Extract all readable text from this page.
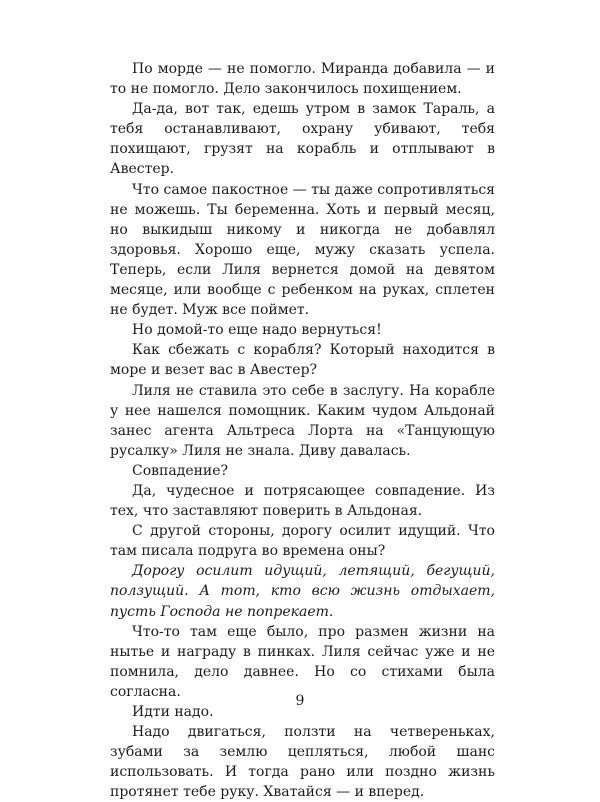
По морде — не помогло. Миранда добавила — и то не помогло. Дело закончилось похищением.

Да-да, вот так, едешь утром в замок Тараль, а тебя останавливают, охрану убивают, тебя похищают, грузят на корабль и отплывают в Авестер.

Что самое пакостное — ты даже сопротивляться не можешь. Ты беременна. Хоть и первый месяц, но выкидыш никому и никогда не добавлял здоровья. Хорошо еще, мужу сказать успела. Теперь, если Лиля вернется домой на девятом месяце, или вообще с ребенком на руках, сплетен не будет. Муж все поймет.

Но домой-то еще надо вернуться!

Как сбежать с корабля? Который находится в море и везет вас в Авестер?

Лиля не ставила это себе в заслугу. На корабле у нее нашелся помощник. Каким чудом Альдонай занес агента Альтреса Лорта на «Танцующую русалку» Лиля не знала. Диву давалась.

Совпадение?

Да, чудесное и потрясающее совпадение. Из тех, что заставляют поверить в Альдоная.

С другой стороны, дорогу осилит идущий. Что там писала подруга во времена оны?

Дорогу осилит идущий, летящий, бегущий, ползущий. А тот, кто всю жизнь отдыхает, пусть Господа не попрекает.

Что-то там еще было, про размен жизни на нытье и награду в пинках. Лиля сейчас уже и не помнила, дело давнее. Но со стихами была согласна.

Идти надо.

Надо двигаться, ползти на четвереньках, зубами за землю цепляться, любой шанс использовать. И тогда рано или поздно жизнь протянет тебе руку. Хватайся — и вперед.

9
